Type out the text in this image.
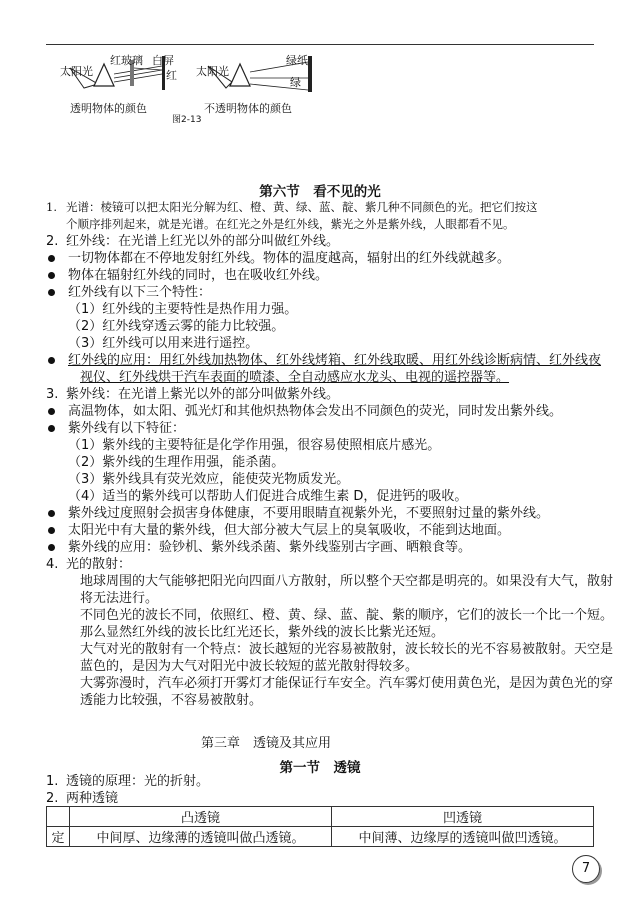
太阳光
红玻璃 白屏
红
透明物体的颜色
太阳光
绿纸
绿
不透明物体的颜色
图2-13
第六节　看不见的光
1. 光谱：棱镜可以把太阳光分解为红、橙、黄、绿、蓝、靛、紫几种不同颜色的光。把它们按这
个顺序排列起来，就是光谱。在红光之外是红外线，紫光之外是紫外线，人眼都看不见。
2. 红外线：在光谱上红光以外的部分叫做红外线。
一切物体都在不停地发射红外线。物体的温度越高，辐射出的红外线就越多。
物体在辐射红外线的同时，也在吸收红外线。
红外线有以下三个特性：
（1）红外线的主要特性是热作用力强。
（2）红外线穿透云雾的能力比较强。
（3）红外线可以用来进行遥控。
红外线的应用：用红外线加热物体、红外线烤箱、红外线取暖、用红外线诊断病情、红外线夜
视仪、红外线烘干汽车表面的喷漆、全自动感应水龙头、电视的遥控器等。
3. 紫外线：在光谱上紫光以外的部分叫做紫外线。
高温物体，如太阳、弧光灯和其他炽热物体会发出不同颜色的荧光，同时发出紫外线。
紫外线有以下特征：
（1）紫外线的主要特征是化学作用强，很容易使照相底片感光。
（2）紫外线的生理作用强，能杀菌。
（3）紫外线具有荧光效应，能使荧光物质发光。
（4）适当的紫外线可以帮助人们促进合成维生素 D，促进钙的吸收。
紫外线过度照射会损害身体健康，不要用眼睛直视紫外光，不要照射过量的紫外线。
太阳光中有大量的紫外线，但大部分被大气层上的臭氧吸收，不能到达地面。
紫外线的应用：验钞机、紫外线杀菌、紫外线鉴别古字画、晒粮食等。
4. 光的散射：
地球周围的大气能够把阳光向四面八方散射，所以整个天空都是明亮的。如果没有大气，散射
将无法进行。
不同色光的波长不同，依照红、橙、黄、绿、蓝、靛、紫的顺序，它们的波长一个比一个短。
那么显然红外线的波长比红光还长，紫外线的波长比紫光还短。
大气对光的散射有一个特点：波长越短的光容易被散射，波长较长的光不容易被散射。天空是
蓝色的，是因为大气对阳光中波长较短的蓝光散射得较多。
大雾弥漫时，汽车必须打开雾灯才能保证行车安全。汽车雾灯使用黄色光，是因为黄色光的穿
透能力比较强，不容易被散射。
第三章　透镜及其应用
第一节　透镜
1. 透镜的原理：光的折射。
2. 两种透镜
	凸透镜	凹透镜
定	中间厚、边缘薄的透镜叫做凸透镜。	中间薄、边缘厚的透镜叫做凹透镜。
7
